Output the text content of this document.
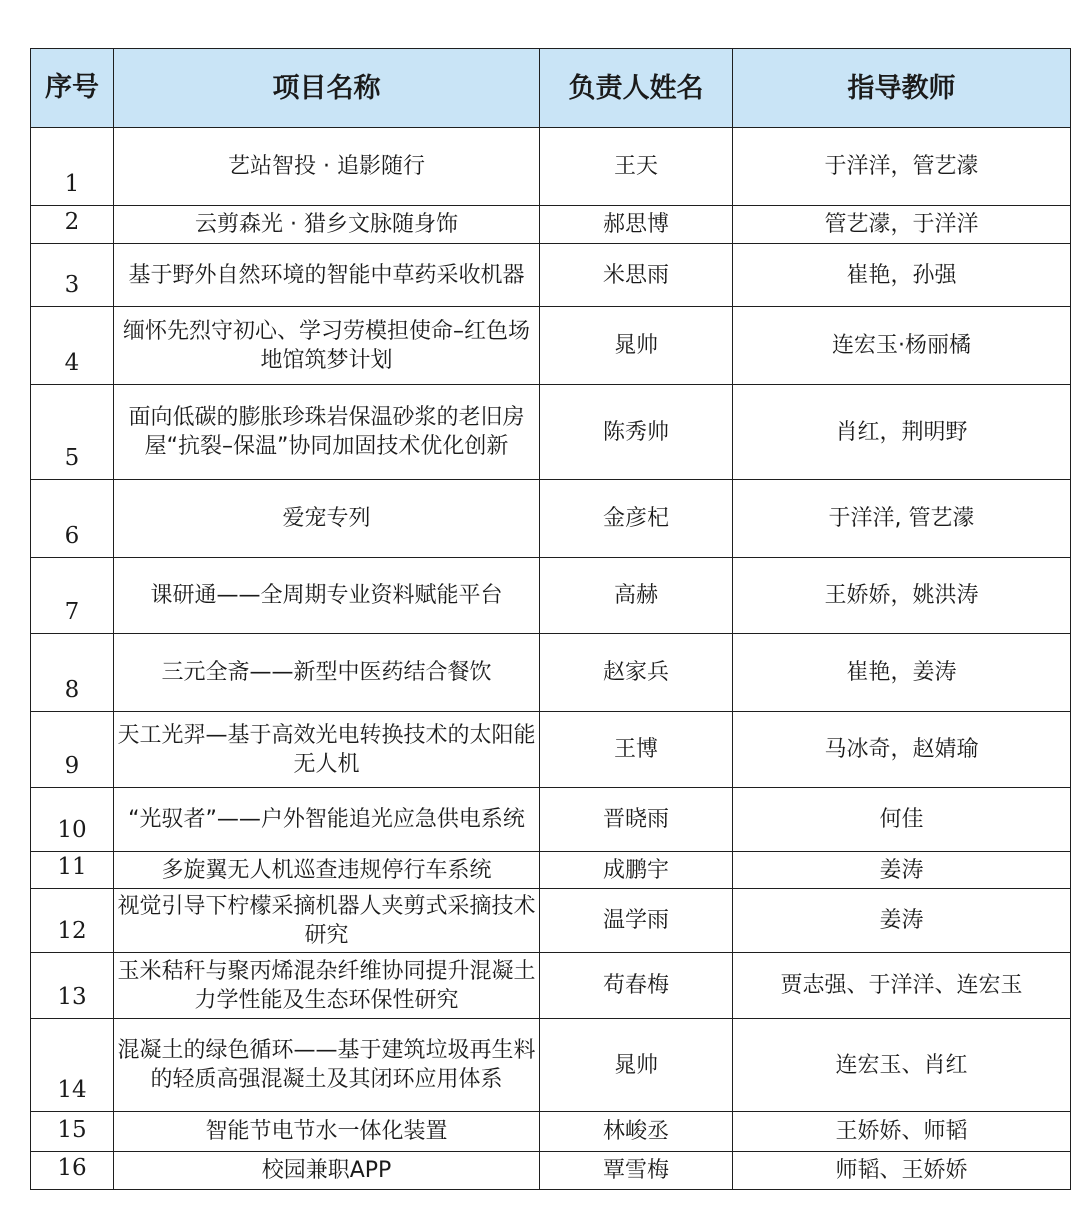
序号	项目名称	负责人姓名	指导教师
1	艺站智投 · 追影随行	王天	于洋洋，管艺濛
2	云剪森光 · 猎乡文脉随身饰	郝思博	管艺濛，于洋洋
3	基于野外自然环境的智能中草药采收机器	米思雨	崔艳，孙强
4	缅怀先烈守初心、学习劳模担使命–红色场地馆筑梦计划	晁帅	连宏玉·杨丽橘
5	面向低碳的膨胀珍珠岩保温砂浆的老旧房屋“抗裂–保温”协同加固技术优化创新	陈秀帅	肖红，荆明野
6	爱宠专列	金彦杞	于洋洋, 管艺濛
7	课研通——全周期专业资料赋能平台	高赫	王娇娇，姚洪涛
8	三元全斋——新型中医药结合餐饮	赵家兵	崔艳，姜涛
9	天工光羿—基于高效光电转换技术的太阳能无人机	王博	马冰奇，赵婧瑜
10	“光驭者”——户外智能追光应急供电系统	晋晓雨	何佳
11	多旋翼无人机巡查违规停行车系统	成鹏宇	姜涛
12	视觉引导下柠檬采摘机器人夹剪式采摘技术研究	温学雨	姜涛
13	玉米秸秆与聚丙烯混杂纤维协同提升混凝土力学性能及生态环保性研究	苟春梅	贾志强、于洋洋、连宏玉
14	混凝土的绿色循环——基于建筑垃圾再生料的轻质高强混凝土及其闭环应用体系	晁帅	连宏玉、肖红
15	智能节电节水一体化装置	林峻丞	王娇娇、师韬
16	校园兼职APP	覃雪梅	师韬、王娇娇
